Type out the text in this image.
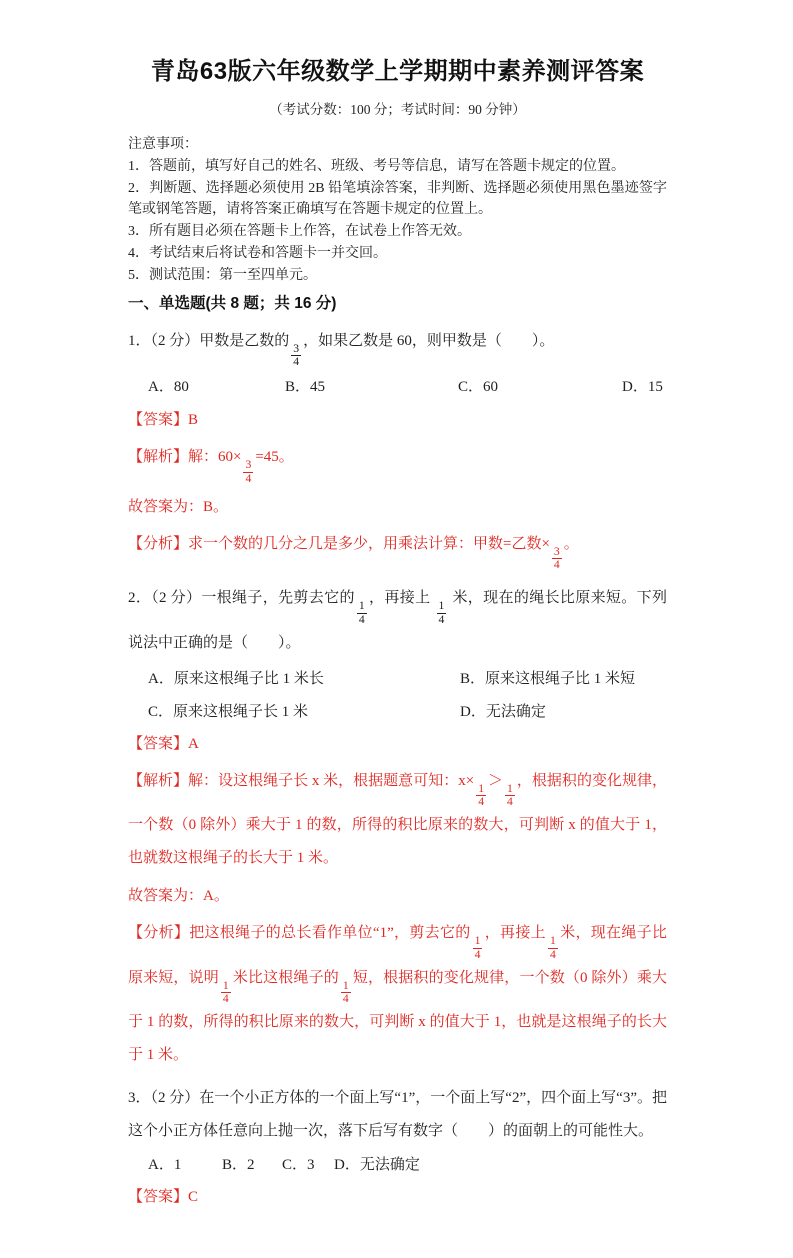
青岛63版六年级数学上学期期中素养测评答案

（考试分数：100 分；考试时间：90 分钟）

注意事项：

1．答题前，填写好自己的姓名、班级、考号等信息，请写在答题卡规定的位置。

2．判断题、选择题必须使用 2B 铅笔填涂答案，非判断、选择题必须使用黑色墨迹签字笔或钢笔答题，请将答案正确填写在答题卡规定的位置上。

3．所有题目必须在答题卡上作答，在试卷上作答无效。

4．考试结束后将试卷和答题卡一并交回。

5．测试范围：第一至四单元。

一、单选题(共 8 题；共 16 分)

1．（2 分）甲数是乙数的
$\frac{3}{4}$
，如果乙数是 60，则甲数是（　　）。

A．80	B．45	C．60	D．15

【答案】B

【解析】解：60×
$\frac{3}{4}$
=45。

故答案为：B。

【分析】求一个数的几分之几是多少，用乘法计算：甲数=乙数×
$\frac{3}{4}$
。

2．（2 分）一根绳子，先剪去它的
$\frac{1}{4}$
，再接上
$\frac{1}{4}$
米，现在的绳长比原来短。下列说法中正确的是（　　）。

A．原来这根绳子比 1 米长	B．原来这根绳子比 1 米短
C．原来这根绳子长 1 米	D．无法确定

【答案】A

【解析】解：设这根绳子长 x 米，根据题意可知：x×
$\frac{1}{4}$
＞
$\frac{1}{4}$
，根据积的变化规律，一个数（0 除外）乘大于 1 的数，所得的积比原来的数大，可判断 x 的值大于 1，也就数这根绳子的长大于 1 米。

故答案为：A。

【分析】把这根绳子的总长看作单位“1”，剪去它的
$\frac{1}{4}$
，再接上
$\frac{1}{4}$
米，现在绳子比原来短，说明
$\frac{1}{4}$
米比这根绳子的
$\frac{1}{4}$
短，根据积的变化规律，一个数（0 除外）乘大于 1 的数，所得的积比原来的数大，可判断 x 的值大于 1，也就是这根绳子的长大于 1 米。

3．（2 分）在一个小正方体的一个面上写“1”，一个面上写“2”，四个面上写“3”。把这个小正方体任意向上抛一次，落下后写有数字（　　）的面朝上的可能性大。

A．1	B．2	C．3	D．无法确定

【答案】C
